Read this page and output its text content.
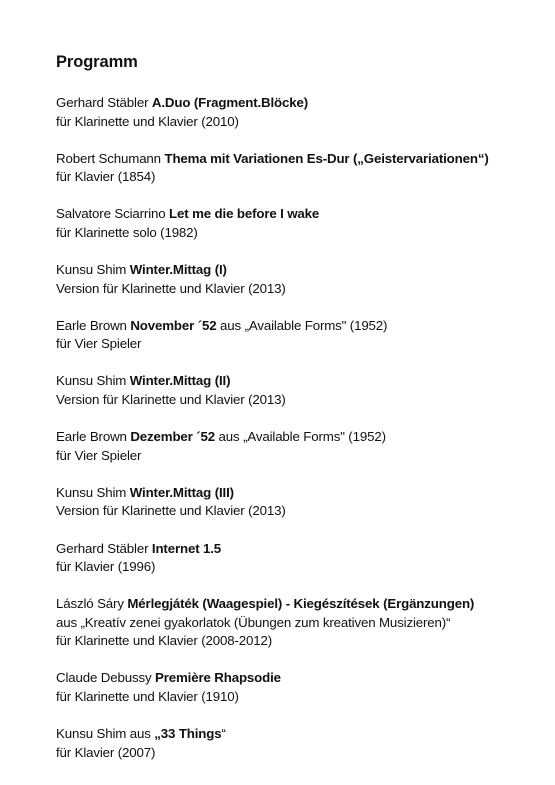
Programm
Gerhard Stäbler A.Duo (Fragment.Blöcke)
für Klarinette und Klavier (2010)
Robert Schumann Thema mit Variationen Es-Dur („Geistervariationen“)
für Klavier (1854)
Salvatore Sciarrino Let me die before I wake
für Klarinette solo (1982)
Kunsu Shim Winter.Mittag (I)
Version für Klarinette und Klavier (2013)
Earle Brown November ´52 aus „Available Forms" (1952)
für Vier Spieler
Kunsu Shim Winter.Mittag (II)
Version für Klarinette und Klavier (2013)
Earle Brown Dezember ´52 aus „Available Forms" (1952)
für Vier Spieler
Kunsu Shim Winter.Mittag (III)
Version für Klarinette und Klavier (2013)
Gerhard Stäbler Internet 1.5
für Klavier (1996)
László Sáry Mérlegjáték (Waagespiel) - Kiegészítések (Ergänzungen)
aus „Kreatív zenei gyakorlatok (Übungen zum kreativen Musizieren)“
für Klarinette und Klavier (2008-2012)
Claude Debussy Première Rhapsodie
für Klarinette und Klavier (1910)
Kunsu Shim aus „33 Things“
für Klavier (2007)
